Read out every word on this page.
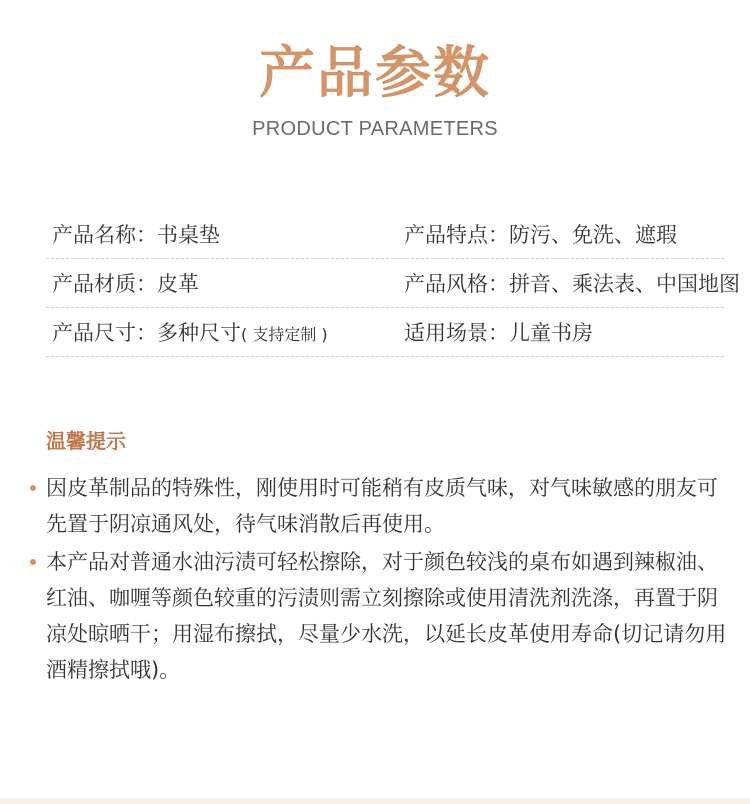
产品参数
PRODUCT PARAMETERS
产品名称：书桌垫	产品特点：防污、免洗、遮瑕
产品材质：皮革	产品风格：拼音、乘法表、中国地图
产品尺寸：多种尺寸( 支持定制 )	适用场景：儿童书房
温馨提示
因皮革制品的特殊性，刚使用时可能稍有皮质气味，对气味敏感的朋友可先置于阴凉通风处，待气味消散后再使用。
本产品对普通水油污渍可轻松擦除，对于颜色较浅的桌布如遇到辣椒油、红油、咖喱等颜色较重的污渍则需立刻擦除或使用清洗剂洗涤，再置于阴凉处晾晒干；用湿布擦拭，尽量少水洗，以延长皮革使用寿命(切记请勿用酒精擦拭哦)。
